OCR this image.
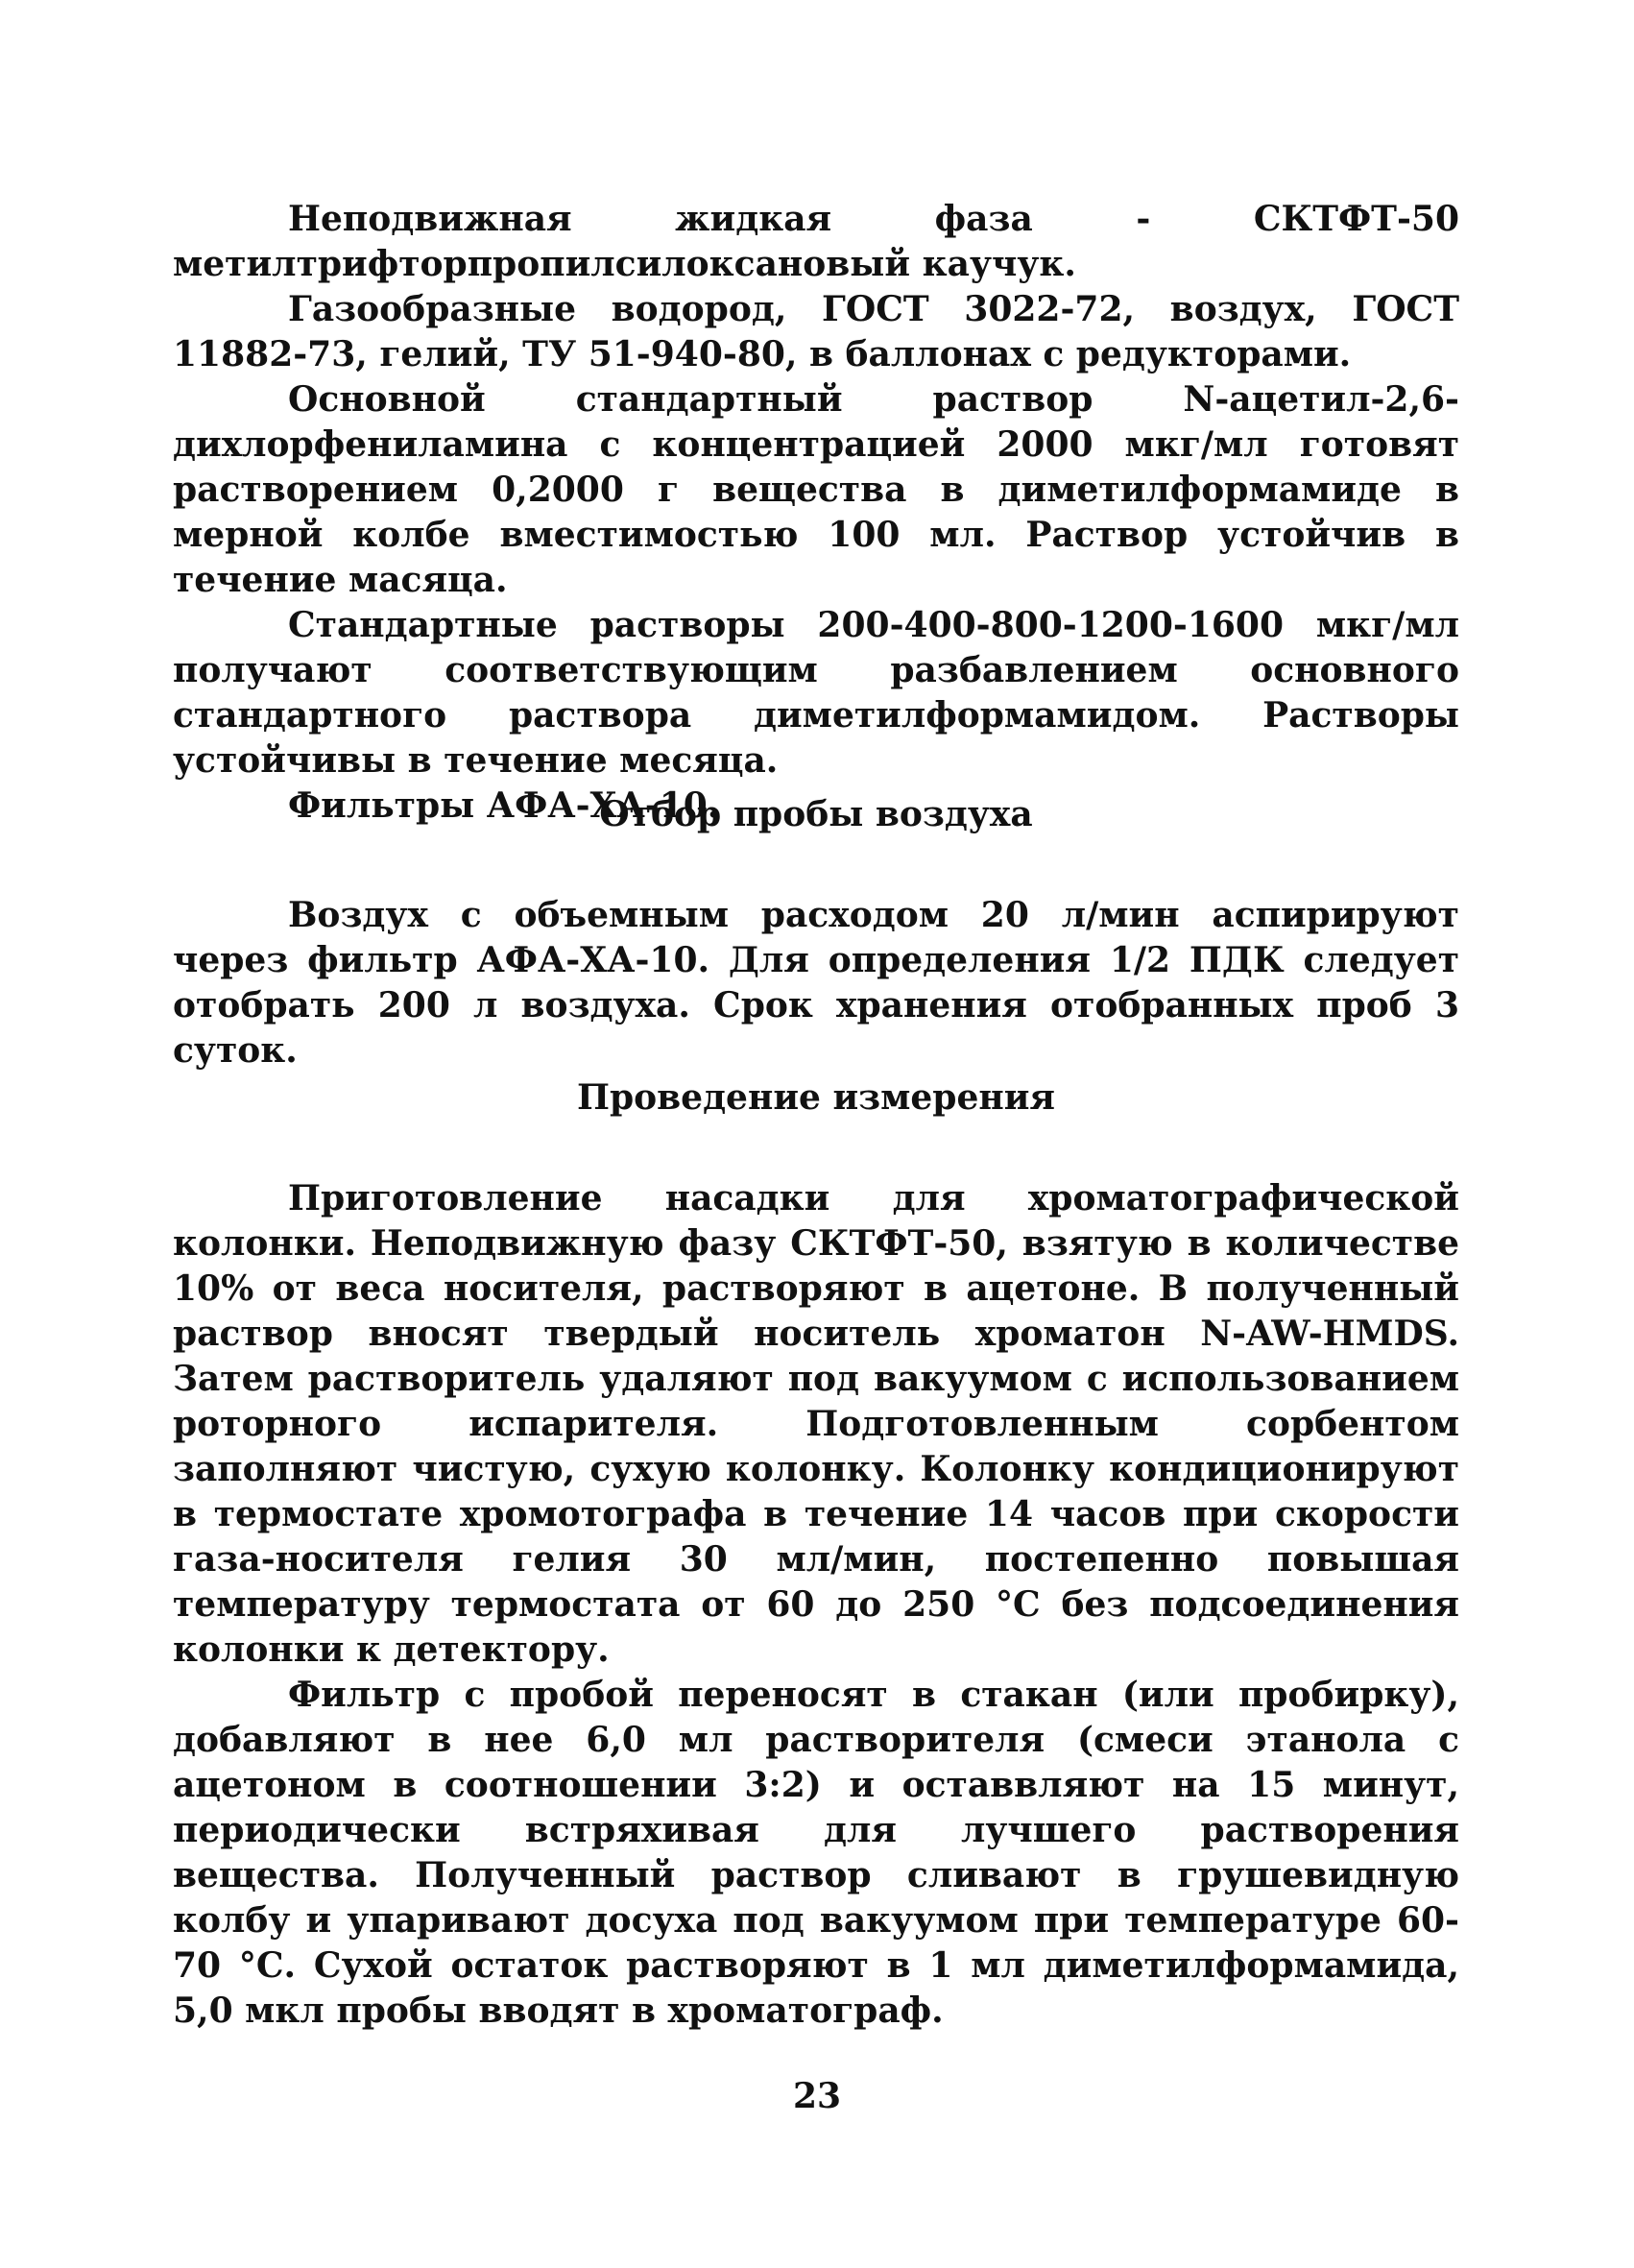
Неподвижная жидкая фаза - СКТФТ-50 метилтрифторпропилсилоксановый каучук.

Газообразные водород, ГОСТ 3022-72, воздух, ГОСТ 11882-73, гелий, ТУ 51-940-80, в баллонах с редукторами.

Основной стандартный раствор N-ацетил-2,6-дихлорфениламина с концентрацией 2000 мкг/мл готовят растворением 0,2000 г вещества в диметилформамиде в мерной колбе вместимостью 100 мл. Раствор устойчив в течение масяца.

Стандартные растворы 200-400-800-1200-1600 мкг/мл получают соответствующим разбавлением основного стандартного раствора диметилформамидом. Растворы устойчивы в течение месяца.

Фильтры АФА-ХА-10.

Отбор пробы воздуха

Воздух с объемным расходом 20 л/мин аспирируют через фильтр АФА-ХА-10. Для определения 1/2 ПДК следует отобрать 200 л воздуха. Срок хранения отобранных проб 3 суток.

Проведение измерения

Приготовление насадки для хроматографической колонки. Неподвижную фазу СКТФТ-50, взятую в количестве 10% от веса носителя, растворяют в ацетоне. В полученный раствор вносят твердый носитель хроматон N-AW-HMDS. Затем растворитель удаляют под вакуумом с использованием роторного испарителя. Подготовленным сорбентом заполняют чистую, сухую колонку. Колонку кондиционируют в термостате хромотографа в течение 14 часов при скорости газа-носителя гелия 30 мл/мин, постепенно повышая температуру термостата от 60 до 250 °С без подсоединения колонки к детектору.

Фильтр с пробой переносят в стакан (или пробирку), добавляют в нее 6,0 мл растворителя (смеси этанола с ацетоном в соотношении 3:2) и оставвляют на 15 минут, периодически встряхивая для лучшего растворения вещества. Полученный раствор сливают в грушевидную колбу и упаривают досуха под вакуумом при температуре 60-70 °С. Сухой остаток растворяют в 1 мл диметилформамида, 5,0 мкл пробы вводят в хроматограф.

23
